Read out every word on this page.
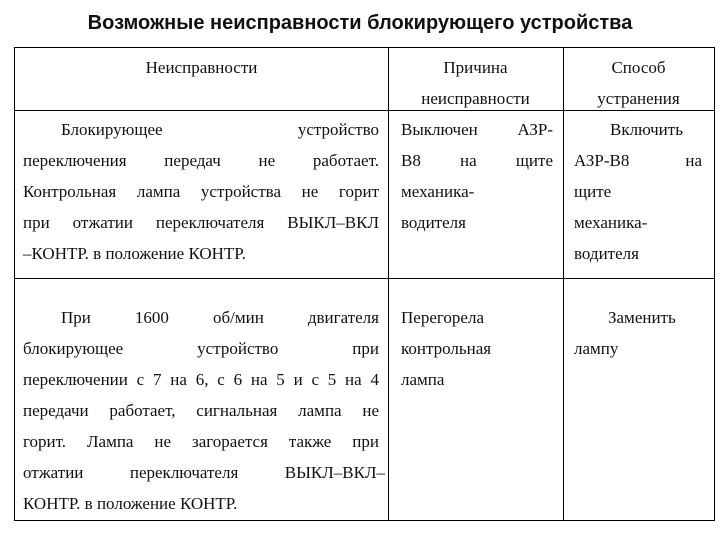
Возможные неисправности блокирующего устройства
Неисправности	Причина
неисправности
Способ
устранения
Блокирующее устройство
переключения передач не работает.
Контрольная лампа устройства не горит
при отжатии переключателя ВЫКЛ–ВКЛ
–КОНТР. в положение КОНТР.
Выключен АЗР-
В8 на щите
механика-
водителя
Включить
АЗР-В8 на
щите
механика-
водителя
При 1600 об/мин двигателя
блокирующее устройство при
переключении с 7 на 6, с 6 на 5 и с 5 на 4
передачи работает, сигнальная лампа не
горит. Лампа не загорается также при
отжатии переключателя ВЫКЛ–ВКЛ–
КОНТР. в положение КОНТР.
Перегорела
контрольная
лампа
Заменить
лампу
